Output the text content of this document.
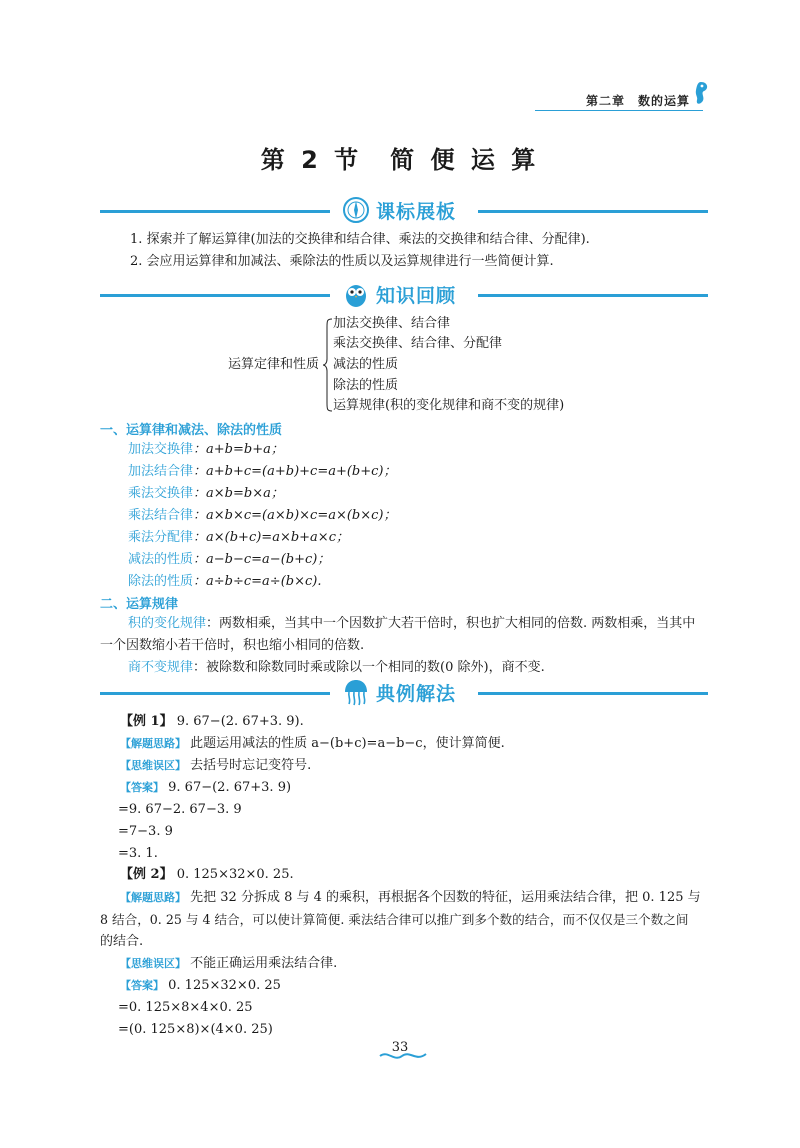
第二章　数的运算
第 2 节　简 便 运 算
课标展板
1. 探索并了解运算律(加法的交换律和结合律、乘法的交换律和结合律、分配律).
2. 会应用运算律和加减法、乘除法的性质以及运算规律进行一些简便计算.
知识回顾
运算定律和性质
加法交换律、结合律
乘法交换律、结合律、分配律
减法的性质
除法的性质
运算规律(积的变化规律和商不变的规律)
一、运算律和减法、除法的性质
加法交换律：a+b=b+a；
加法结合律：a+b+c=(a+b)+c=a+(b+c)；
乘法交换律：a×b=b×a；
乘法结合律：a×b×c=(a×b)×c=a×(b×c)；
乘法分配律：a×(b+c)=a×b+a×c；
减法的性质：a−b−c=a−(b+c)；
除法的性质：a÷b÷c=a÷(b×c).
二、运算规律
积的变化规律：两数相乘，当其中一个因数扩大若干倍时，积也扩大相同的倍数. 两数相乘，当其中
一个因数缩小若干倍时，积也缩小相同的倍数.
商不变规律：被除数和除数同时乘或除以一个相同的数(0 除外)，商不变.
典例解法
【例 1】 9. 67−(2. 67+3. 9).
【解题思路】 此题运用减法的性质 a−(b+c)=a−b−c，使计算简便.
【思维误区】 去括号时忘记变符号.
【答案】 9. 67−(2. 67+3. 9)
=9. 67−2. 67−3. 9
=7−3. 9
=3. 1.
【例 2】 0. 125×32×0. 25.
【解题思路】 先把 32 分拆成 8 与 4 的乘积，再根据各个因数的特征，运用乘法结合律，把 0. 125 与
8 结合，0. 25 与 4 结合，可以使计算简便. 乘法结合律可以推广到多个数的结合，而不仅仅是三个数之间
的结合.
【思维误区】 不能正确运用乘法结合律.
【答案】 0. 125×32×0. 25
=0. 125×8×4×0. 25
=(0. 125×8)×(4×0. 25)
33
